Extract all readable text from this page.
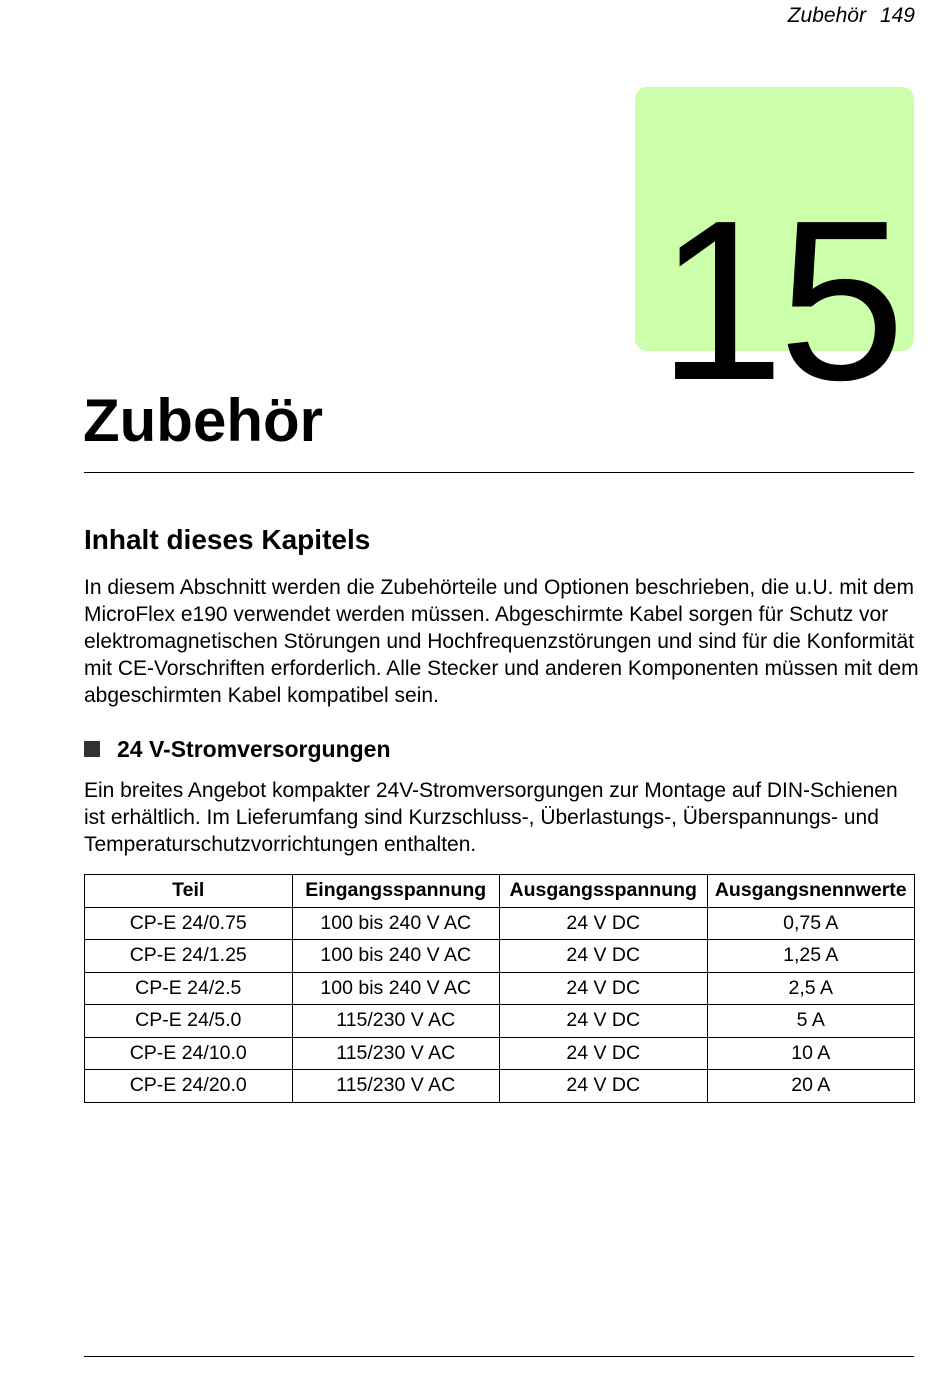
Zubehör 149
15
Zubehör
Inhalt dieses Kapitels

In diesem Abschnitt werden die Zubehörteile und Optionen beschrieben, die u.U. mit dem MicroFlex e190 verwendet werden müssen. Abgeschirmte Kabel sorgen für Schutz vor elektromagnetischen Störungen und Hochfrequenzstörungen und sind für die Konformität mit CE-Vorschriften erforderlich. Alle Stecker und anderen Komponenten müssen mit dem abgeschirmten Kabel kompatibel sein.

24 V-Stromversorgungen

Ein breites Angebot kompakter 24V-Stromversorgungen zur Montage auf DIN-Schienen ist erhältlich. Im Lieferumfang sind Kurzschluss-, Überlastungs-, Überspannungs- und Temperaturschutzvorrichtungen enthalten.

Teil	Eingangsspannung	Ausgangsspannung	Ausgangsnennwerte
CP-E 24/0.75	100 bis 240 V AC	24 V DC	0,75 A
CP-E 24/1.25	100 bis 240 V AC	24 V DC	1,25 A
CP-E 24/2.5	100 bis 240 V AC	24 V DC	2,5 A
CP-E 24/5.0	115/230 V AC	24 V DC	5 A
CP-E 24/10.0	115/230 V AC	24 V DC	10 A
CP-E 24/20.0	115/230 V AC	24 V DC	20 A
